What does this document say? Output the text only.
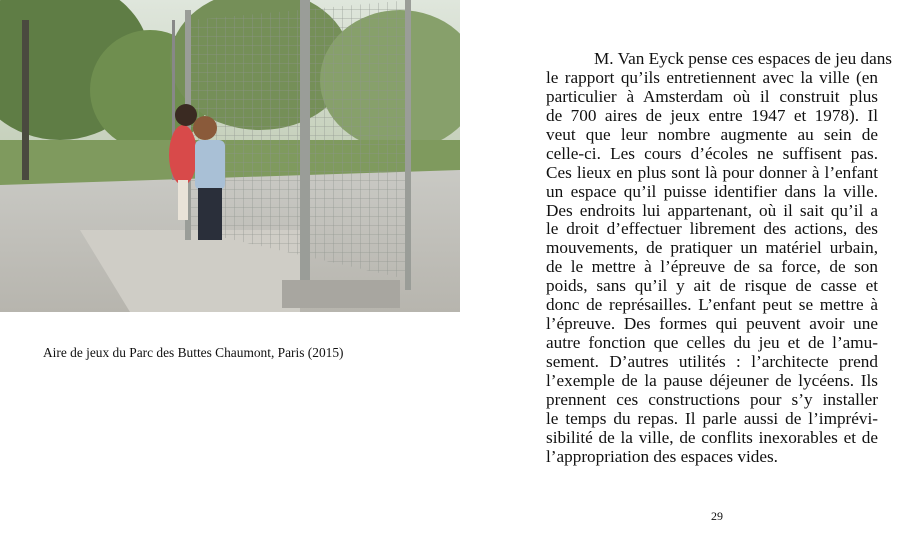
Aire de jeux du Parc des Buttes Chaumont, Paris (2015)
M. Van Eyck pense ces espaces de jeu dans
le rapport qu’ils entretiennent avec la ville (en
particulier à Amsterdam où il construit plus
de 700 aires de jeux entre 1947 et 1978). Il
veut que leur nombre augmente au sein de
celle-ci. Les cours d’écoles ne suffisent pas.
Ces lieux en plus sont là pour donner à l’enfant
un espace qu’il puisse identifier dans la ville.
Des endroits lui appartenant, où il sait qu’il a
le droit d’effectuer librement des actions, des
mouvements, de pratiquer un matériel urbain,
de le mettre à l’épreuve de sa force, de son
poids, sans qu’il y ait de risque de casse et
donc de représailles. L’enfant peut se mettre à
l’épreuve. Des formes qui peuvent avoir une
autre fonction que celles du jeu et de l’amu-
sement. D’autres utilités : l’architecte prend
l’exemple de la pause déjeuner de lycéens. Ils
prennent ces constructions pour s’y installer
le temps du repas. Il parle aussi de l’imprévi-
sibilité de la ville, de conflits inexorables et de
l’appropriation des espaces vides.
29
